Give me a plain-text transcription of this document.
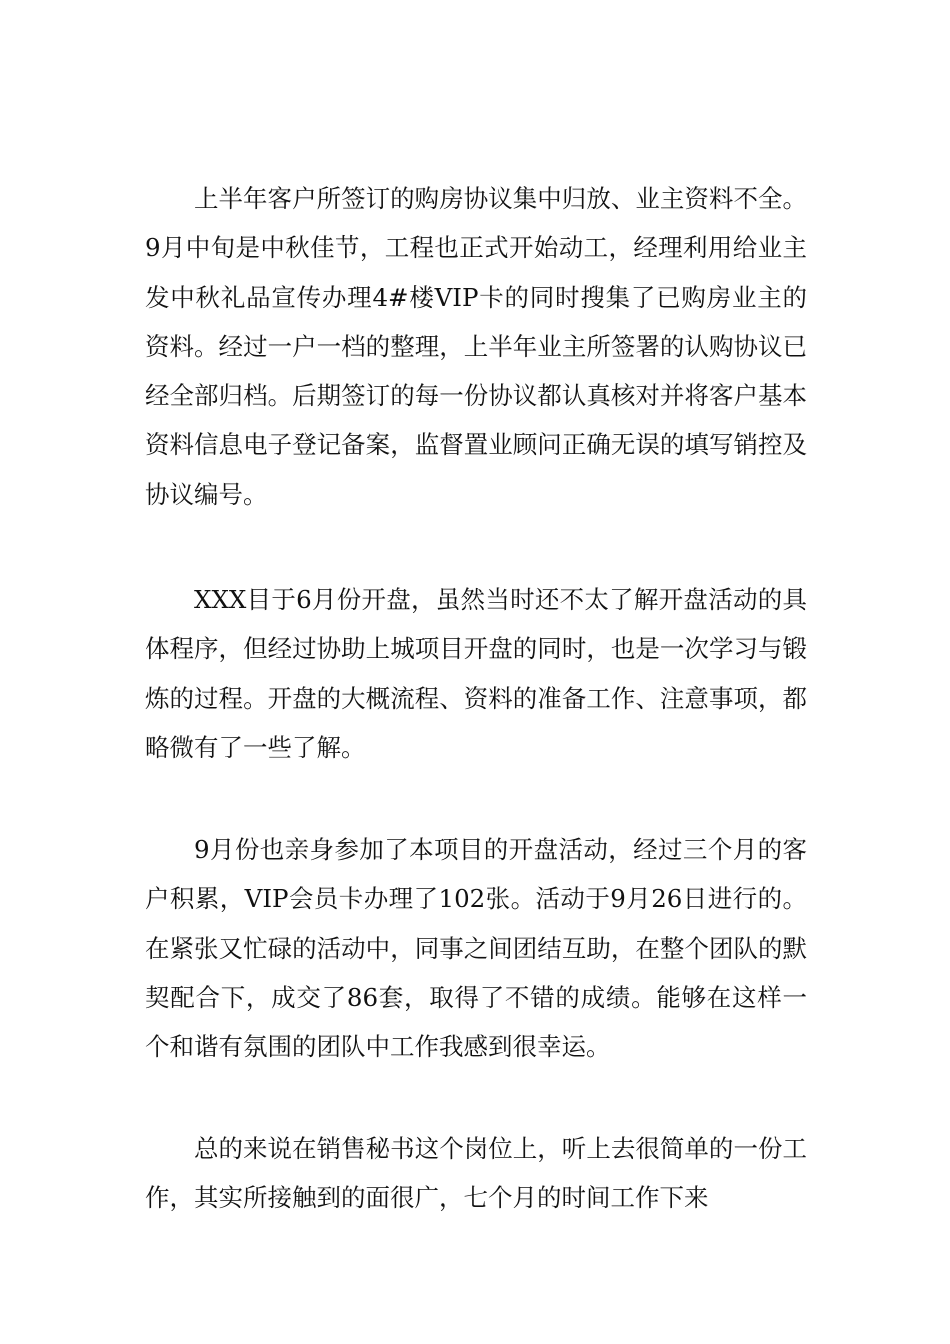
上半年客户所签订的购房协议集中归放、业主资料不全。9月中旬是中秋佳节，工程也正式开始动工，经理利用给业主发中秋礼品宣传办理4#楼VIP卡的同时搜集了已购房业主的资料。经过一户一档的整理，上半年业主所签署的认购协议已经全部归档。后期签订的每一份协议都认真核对并将客户基本资料信息电子登记备案，监督置业顾问正确无误的填写销控及协议编号。

XXX目于6月份开盘，虽然当时还不太了解开盘活动的具体程序，但经过协助上城项目开盘的同时，也是一次学习与锻炼的过程。开盘的大概流程、资料的准备工作、注意事项，都略微有了一些了解。

9月份也亲身参加了本项目的开盘活动，经过三个月的客户积累，VIP会员卡办理了102张。活动于9月26日进行的。在紧张又忙碌的活动中，同事之间团结互助，在整个团队的默契配合下，成交了86套，取得了不错的成绩。能够在这样一个和谐有氛围的团队中工作我感到很幸运。

总的来说在销售秘书这个岗位上，听上去很简单的一份工作，其实所接触到的面很广，七个月的时间工作下来
